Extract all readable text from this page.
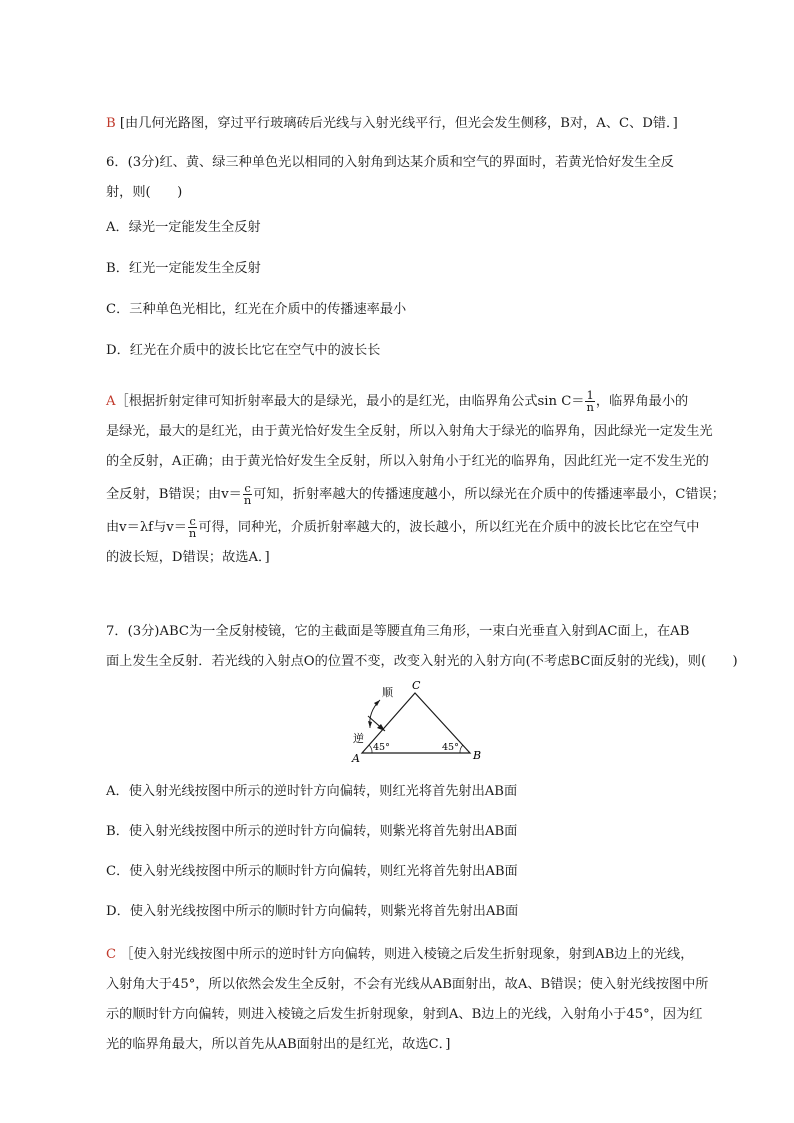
B [由几何光路图，穿过平行玻璃砖后光线与入射光线平行，但光会发生侧移，B对，A、C、D错．]
6．(3分)红、黄、绿三种单色光以相同的入射角到达某介质和空气的界面时，若黄光恰好发生全反
射，则(　　)
A．绿光一定能发生全反射
B．红光一定能发生全反射
C．三种单色光相比，红光在介质中的传播速率最小
D．红光在介质中的波长比它在空气中的波长长
A［根据折射定律可知折射率最大的是绿光，最小的是红光，由临界角公式$\sin C= \frac{1}{n}$ ，临界角最小的
是绿光，最大的是红光，由于黄光恰好发生全反射，所以入射角大于绿光的临界角，因此绿光一定发生光
的全反射，A正确；由于黄光恰好发生全反射，所以入射角小于红光的临界角，因此红光一定不发生光的
全反射，B错误；由$v= \frac{c}{n}$ 可知，折射率越大的传播速度越小，所以绿光在介质中的传播速率最小，C错误；
由v＝λf与$v= \frac{c}{n}$ 可得，同种光，介质折射率越大的，波长越小，所以红光在介质中的波长比它在空气中
的波长短，D错误；故选A．]
7．(3分)ABC为一全反射棱镜，它的主截面是等腰直角三角形，一束白光垂直入射到AC面上，在AB
面上发生全反射．若光线的入射点O的位置不变，改变入射光的入射方向(不考虑BC面反射的光线)，则(　　)
顺
逆
C
A	B
45°	45°
A．使入射光线按图中所示的逆时针方向偏转，则红光将首先射出AB面
B．使入射光线按图中所示的逆时针方向偏转，则紫光将首先射出AB面
C．使入射光线按图中所示的顺时针方向偏转，则红光将首先射出AB面
D．使入射光线按图中所示的顺时针方向偏转，则紫光将首先射出AB面
C ［使入射光线按图中所示的逆时针方向偏转，则进入棱镜之后发生折射现象，射到AB边上的光线，
入射角大于45°，所以依然会发生全反射，不会有光线从AB面射出，故A、B错误；使入射光线按图中所
示的顺时针方向偏转，则进入棱镜之后发生折射现象，射到A、B边上的光线，入射角小于45°，因为红
光的临界角最大，所以首先从AB面射出的是红光，故选C．]
